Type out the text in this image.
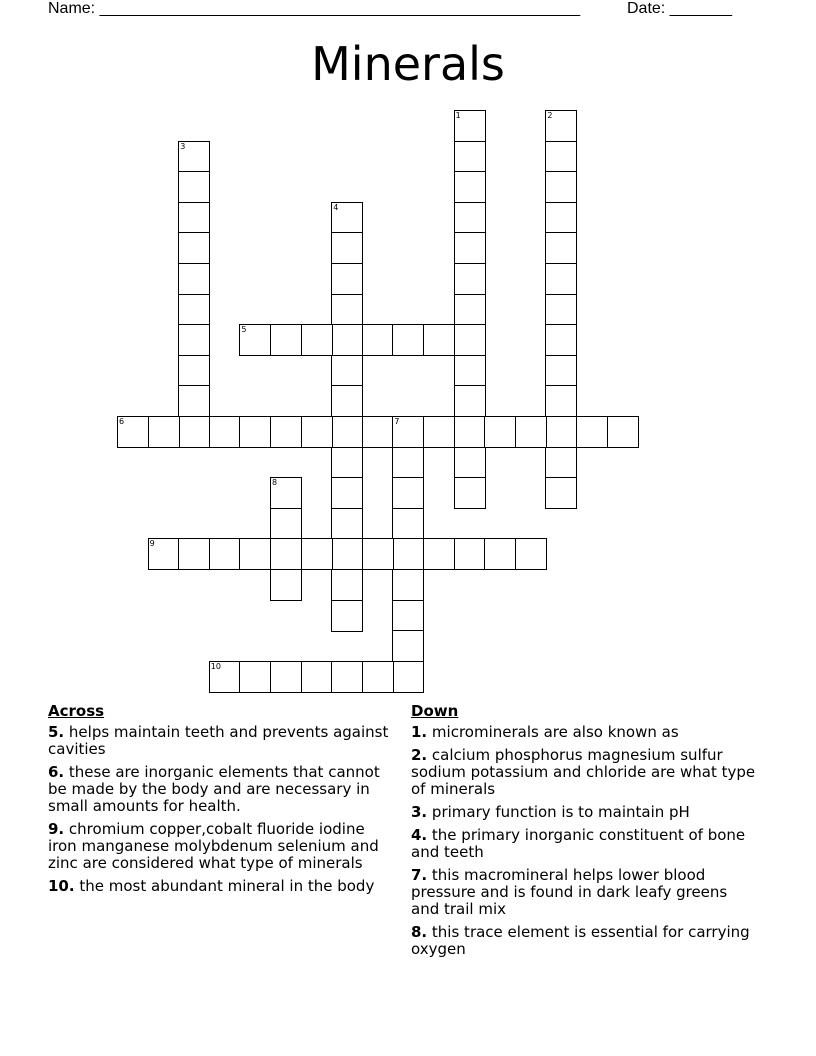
Name: ______________________________________________________	Date: _______
Minerals
1	2
3
4
5
6	7
8
9
10
Across
5. helps maintain teeth and prevents against cavities
6. these are inorganic elements that cannot be made by the body and are necessary in small amounts for health.
9. chromium copper,cobalt fluoride iodine iron manganese molybdenum selenium and zinc are considered what type of minerals
10. the most abundant mineral in the body
Down
1. microminerals are also known as
2. calcium phosphorus magnesium sulfur sodium potassium and chloride are what type of minerals
3. primary function is to maintain pH
4. the primary inorganic constituent of bone and teeth
7. this macromineral helps lower blood pressure and is found in dark leafy greens and trail mix
8. this trace element is essential for carrying oxygen
